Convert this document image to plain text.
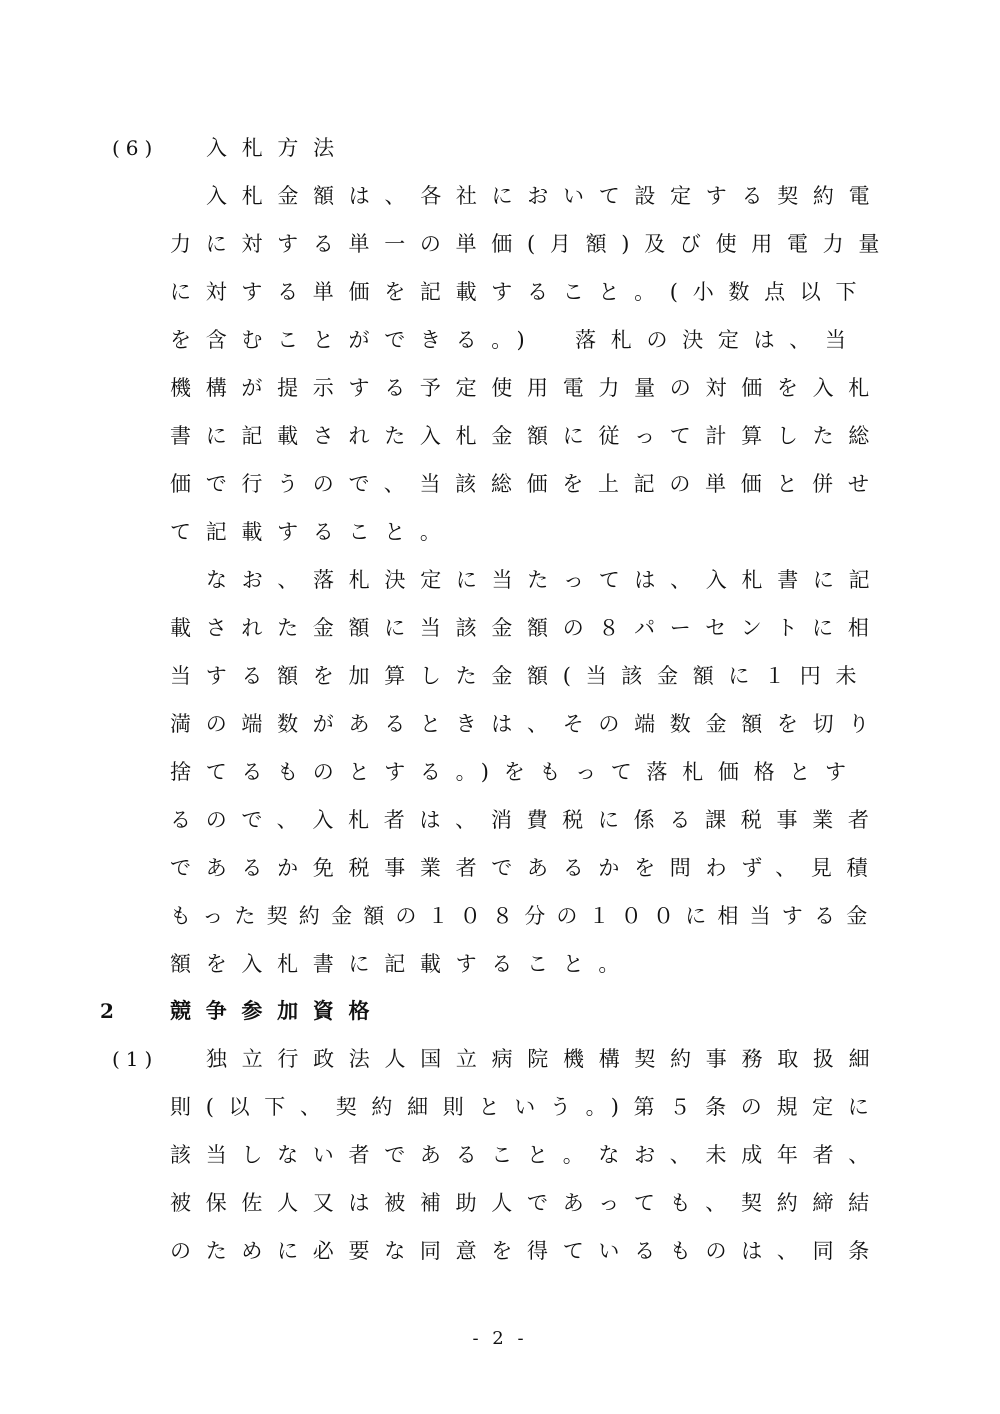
(6) 入札方法
入札金額は、各社において設定する契約電
力に対する単一の単価(月額)及び使用電力量
に対する単価を記載すること。(小数点以下
を含むことができる。)　落札の決定は、当
機構が提示する予定使用電力量の対価を入札
書に記載された入札金額に従って計算した総
価で行うので、当該総価を上記の単価と併せ
て記載すること。
なお、落札決定に当たっては、入札書に記
載された金額に当該金額の８パーセントに相
当する額を加算した金額(当該金額に１円未
満の端数があるときは、その端数金額を切り
捨てるものとする。)をもって落札価格とす
るので、入札者は、消費税に係る課税事業者
であるか免税事業者であるかを問わず、見積
もった契約金額の１０８分の１００に相当する金
額を入札書に記載すること。
2 競争参加資格
(1) 独立行政法人国立病院機構契約事務取扱細
則(以下、契約細則という。)第５条の規定に
該当しない者であること。なお、未成年者、
被保佐人又は被補助人であっても、契約締結
のために必要な同意を得ているものは、同条
- 2 -
